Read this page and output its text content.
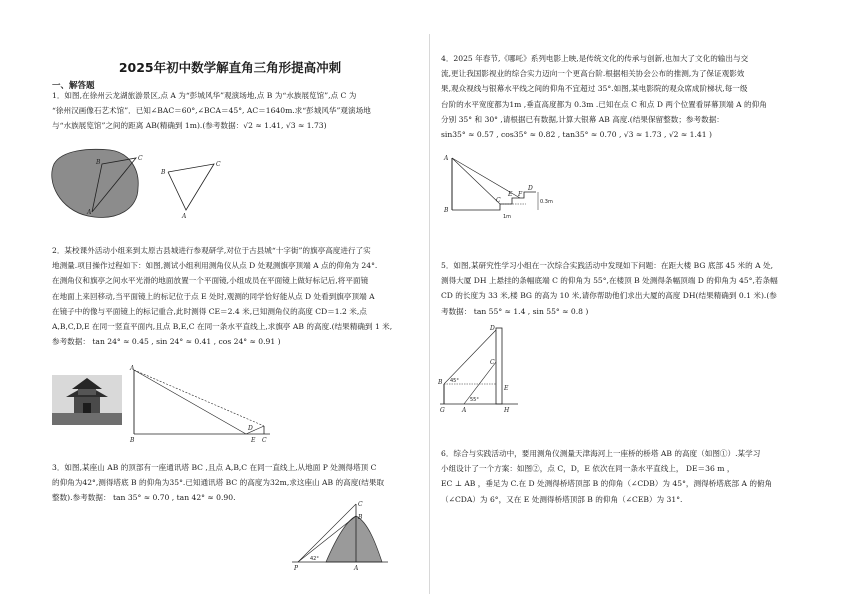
2025年初中数学解直角三角形提高冲刺
一、解答题
1．如图,在徐州云龙湖旅游景区,点 A 为“彭城风华”观演场地,点 B 为“水族展览馆”,点 C 为
“徐州汉画像石艺术馆”．已知∠BAC＝60°,∠BCA＝45°, AC＝1640m.求“彭城风华”观演场地
与“水族展览馆”之间的距离 AB(精确到 1m).(参考数据：√2 ≈ 1.41, √3 ≈ 1.73)
B
C
A
B
C
A
2．某校课外活动小组来到太原古县城进行参观研学,对位于古县城“十字街”的旗亭高度进行了实
地测量.项目操作过程如下：如图,测试小组利用测角仪从点 D 处观测旗亭顶端 A 点的仰角为 24°.
在测角仪和旗亭之间水平光滑的地面放置一个平面镜,小组成员在平面镜上做好标记后,将平面镜
在地面上来回移动,当平面镜上的标记位于点 E 处时,观测的同学恰好能从点 D 处看到旗亭顶端 A
在镜子中的像与平面镜上的标记重合,此时测得 CE＝2.4 米,已知测角仪的高度 CD＝1.2 米,点
A,B,C,D,E 在同一竖直平面内,且点 B,E,C 在同一条水平直线上,求旗亭 AB 的高度.(结果精确到 1 米,
参考数据： tan 24° ≈ 0.45 , sin 24° ≈ 0.41 , cos 24° ≈ 0.91 )
A
B
D
E C
3．如图,某座山 AB 的顶部有一座通讯塔 BC ,且点 A,B,C 在同一直线上,从地面 P 处测得塔顶 C
的仰角为42°,测得塔底 B 的仰角为35°.已知通讯塔 BC 的高度为32m,求这座山 AB 的高度(结果取
整数).参考数据： tan 35° ≈ 0.70 , tan 42° ≈ 0.90.
C
B
P	A
42°
4．2025 年春节,《哪吒》系列电影上映,是传统文化的传承与创新,也加大了文化的输出与交
流,更让我国影视业的综合实力迈向一个更高台阶.根据相关协会公布的推测,为了保证观影效
果,观众视线与银幕水平线之间的仰角不宜超过 35°.如图,某电影院的观众席成阶梯状,每一级
台阶的水平宽度都为1m ,垂直高度都为 0.3m .已知在点 C 和点 D 两个位置看屏幕顶端 A 的仰角
分别 35° 和 30° ,请根据已有数据,计算大银幕 AB 高度.(结果保留整数；参考数据：
sin35° ≈ 0.57 , cos35° ≈ 0.82 , tan35° ≈ 0.70 , √3 ≈ 1.73 , √2 ≈ 1.41 )
A
B
C
E F
D
1m
0.3m
5．如图,某研究性学习小组在一次综合实践活动中发现如下问题：在距大楼 BG 底部 45 米的 A 处,
测得大厦 DH 上悬挂的条幅底端 C 的仰角为 55°,在楼顶 B 处测得条幅顶端 D 的仰角为 45°,若条幅
CD 的长度为 33 米,楼 BG 的高为 10 米,请你帮助他们求出大厦的高度 DH(结果精确到 0.1 米).(参
考数据： tan 55° ≈ 1.4 , sin 55° ≈ 0.8 )
D
B
C
45°
55°
G	A
E
H
6．综合与实践活动中，要用测角仪测量天津海河上一座桥的桥塔 AB 的高度（如图①）.某学习
小组设计了一个方案：如图②，点 C，D，E 依次在同一条水平直线上， DE＝36 m ，
EC ⊥ AB ，垂足为 C.在 D 处测得桥塔顶部 B 的仰角（∠CDB）为 45°，测得桥塔底部 A 的俯角
（∠CDA）为 6°，又在 E 处测得桥塔顶部 B 的仰角（∠CEB）为 31°.
